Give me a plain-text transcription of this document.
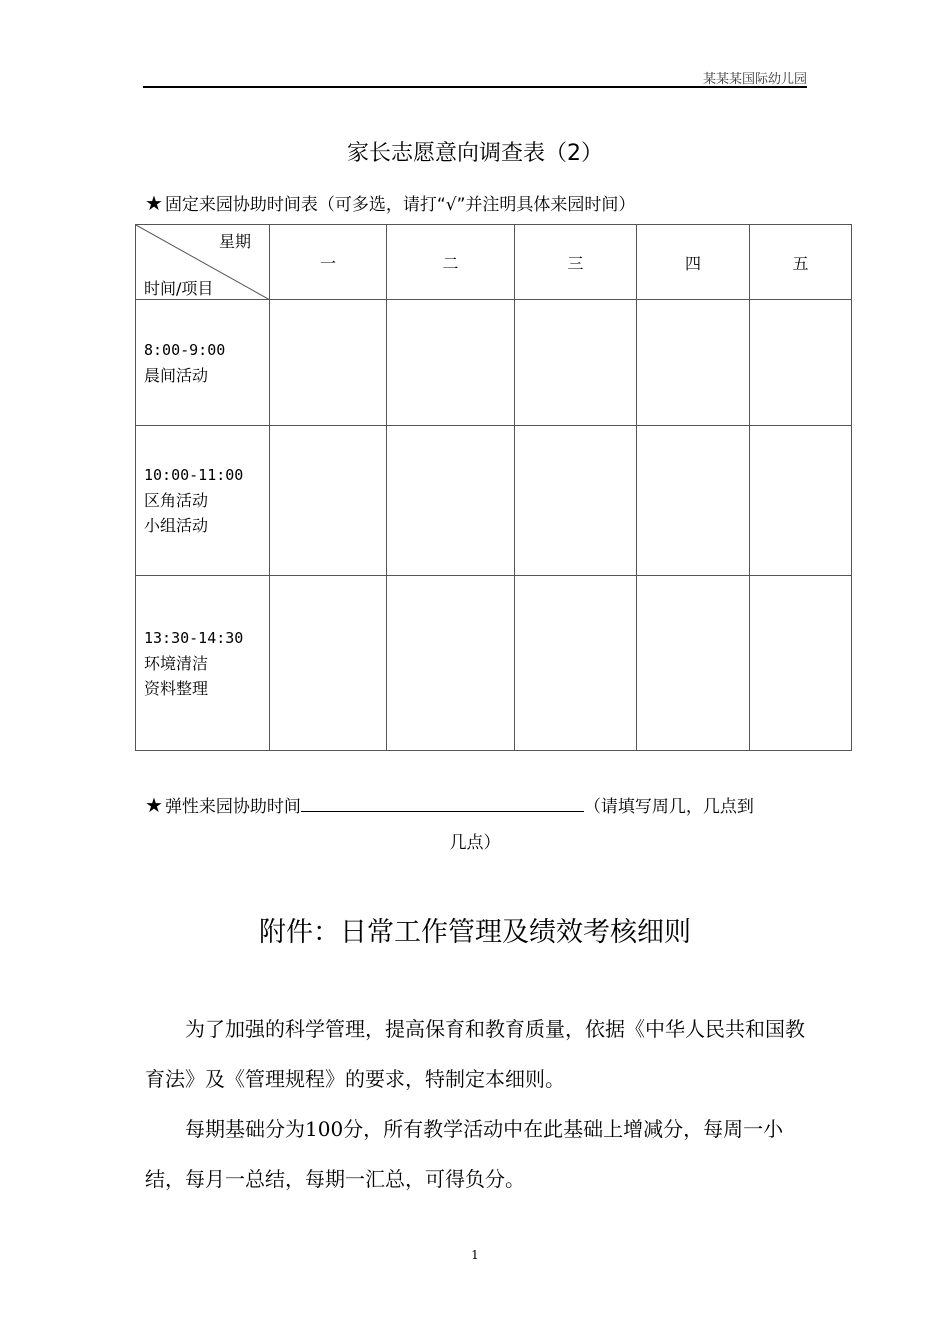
某某某国际幼儿园
家长志愿意向调查表（2）
★ 固定来园协助时间表（可多选，请打“√”并注明具体来园时间）
星期
时间/项目	一	二	三	四	五

8:00-9:00
晨间活动					

10:00-11:00
区角活动
小组活动					

13:30-14:30
环境清洁
资料整理					

★ 弹性来园协助时间	（请填写周几，几点到
几点）
附件：日常工作管理及绩效考核细则
为了加强的科学管理，提高保育和教育质量，依据《中华人民共和国教育法》及《管理规程》的要求，特制定本细则。
每期基础分为100分，所有教学活动中在此基础上增减分，每周一小结，每月一总结，每期一汇总，可得负分。
1
